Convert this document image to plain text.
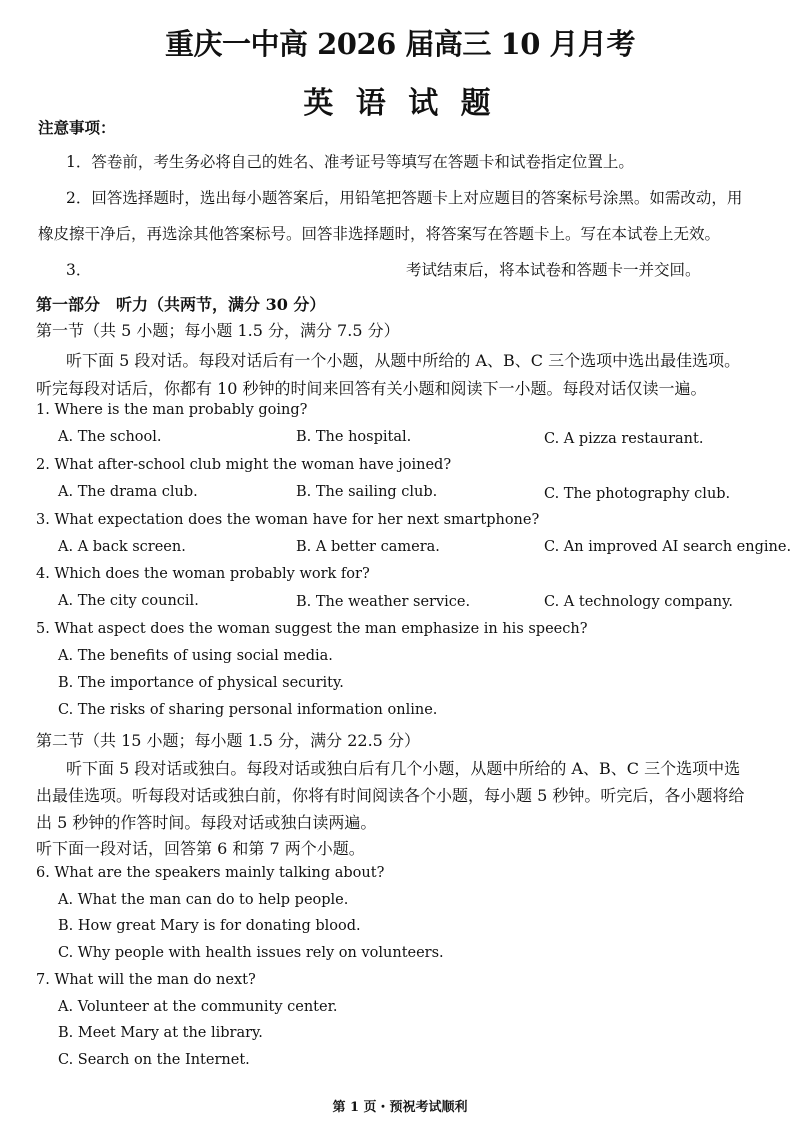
重庆一中高 2026 届高三 10 月月考
英 语 试 题
注意事项：
1．答卷前，考生务必将自己的姓名、准考证号等填写在答题卡和试卷指定位置上。
2．回答选择题时，选出每小题答案后，用铅笔把答题卡上对应题目的答案标号涂黑。如需改动，用
橡皮擦干净后，再选涂其他答案标号。回答非选择题时，将答案写在答题卡上。写在本试卷上无效。
3．	考试结束后，将本试卷和答题卡一并交回。
第一部分　听力（共两节，满分 30 分）
第一节（共 5 小题；每小题 1.5 分，满分 7.5 分）
听下面 5 段对话。每段对话后有一个小题，从题中所给的 A、B、C 三个选项中选出最佳选项。
听完每段对话后，你都有 10 秒钟的时间来回答有关小题和阅读下一小题。每段对话仅读一遍。
1. Where is the man probably going?
A. The school.	B. The hospital.	C. A pizza restaurant.
2. What after-school club might the woman have joined?
A. The drama club.	B. The sailing club.	C. The photography club.
3. What expectation does the woman have for her next smartphone?
A. A back screen.	B. A better camera.	C. An improved AI search engine.
4. Which does the woman probably work for?
A. The city council.	B. The weather service.	C. A technology company.
5. What aspect does the woman suggest the man emphasize in his speech?
A. The benefits of using social media.
B. The importance of physical security.
C. The risks of sharing personal information online.
第二节（共 15 小题；每小题 1.5 分，满分 22.5 分）
听下面 5 段对话或独白。每段对话或独白后有几个小题，从题中所给的 A、B、C 三个选项中选
出最佳选项。听每段对话或独白前，你将有时间阅读各个小题，每小题 5 秒钟。听完后，各小题将给
出 5 秒钟的作答时间。每段对话或独白读两遍。
听下面一段对话，回答第 6 和第 7 两个小题。
6. What are the speakers mainly talking about?
A. What the man can do to help people.
B. How great Mary is for donating blood.
C. Why people with health issues rely on volunteers.
7. What will the man do next?
A. Volunteer at the community center.
B. Meet Mary at the library.
C. Search on the Internet.
第 1 页・预祝考试顺利
